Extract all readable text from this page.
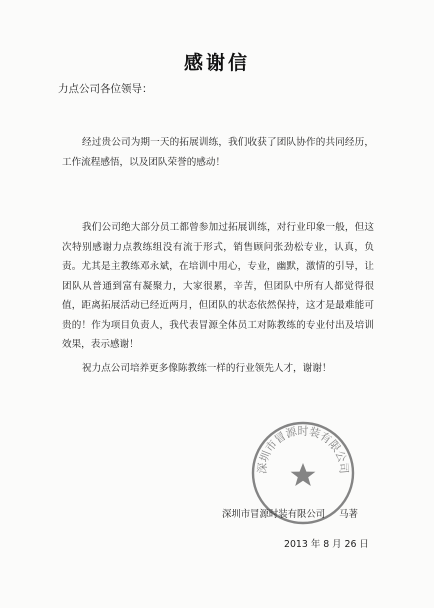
感谢信
力点公司各位领导：
经过贵公司为期一天的拓展训练，我们收获了团队协作的共同经历，工作流程感悟，以及团队荣誉的感动！
我们公司绝大部分员工都曾参加过拓展训练，对行业印象一般，但这次特别感谢力点教练组没有流于形式，销售顾问张劲松专业，认真，负责。尤其是主教练邓永斌，在培训中用心，专业，幽默，激情的引导，让团队从普通到富有凝聚力，大家很累，辛苦，但团队中所有人都觉得很值，距离拓展活动已经近两月，但团队的状态依然保持，这才是最难能可贵的！作为项目负责人，我代表冒源全体员工对陈教练的专业付出及培训效果，表示感谢！
祝力点公司培养更多像陈教练一样的行业领先人才，谢谢！
深圳市冒源时装有限公司
深圳市冒源时装有限公司 马著
2013 年 8 月 26 日
